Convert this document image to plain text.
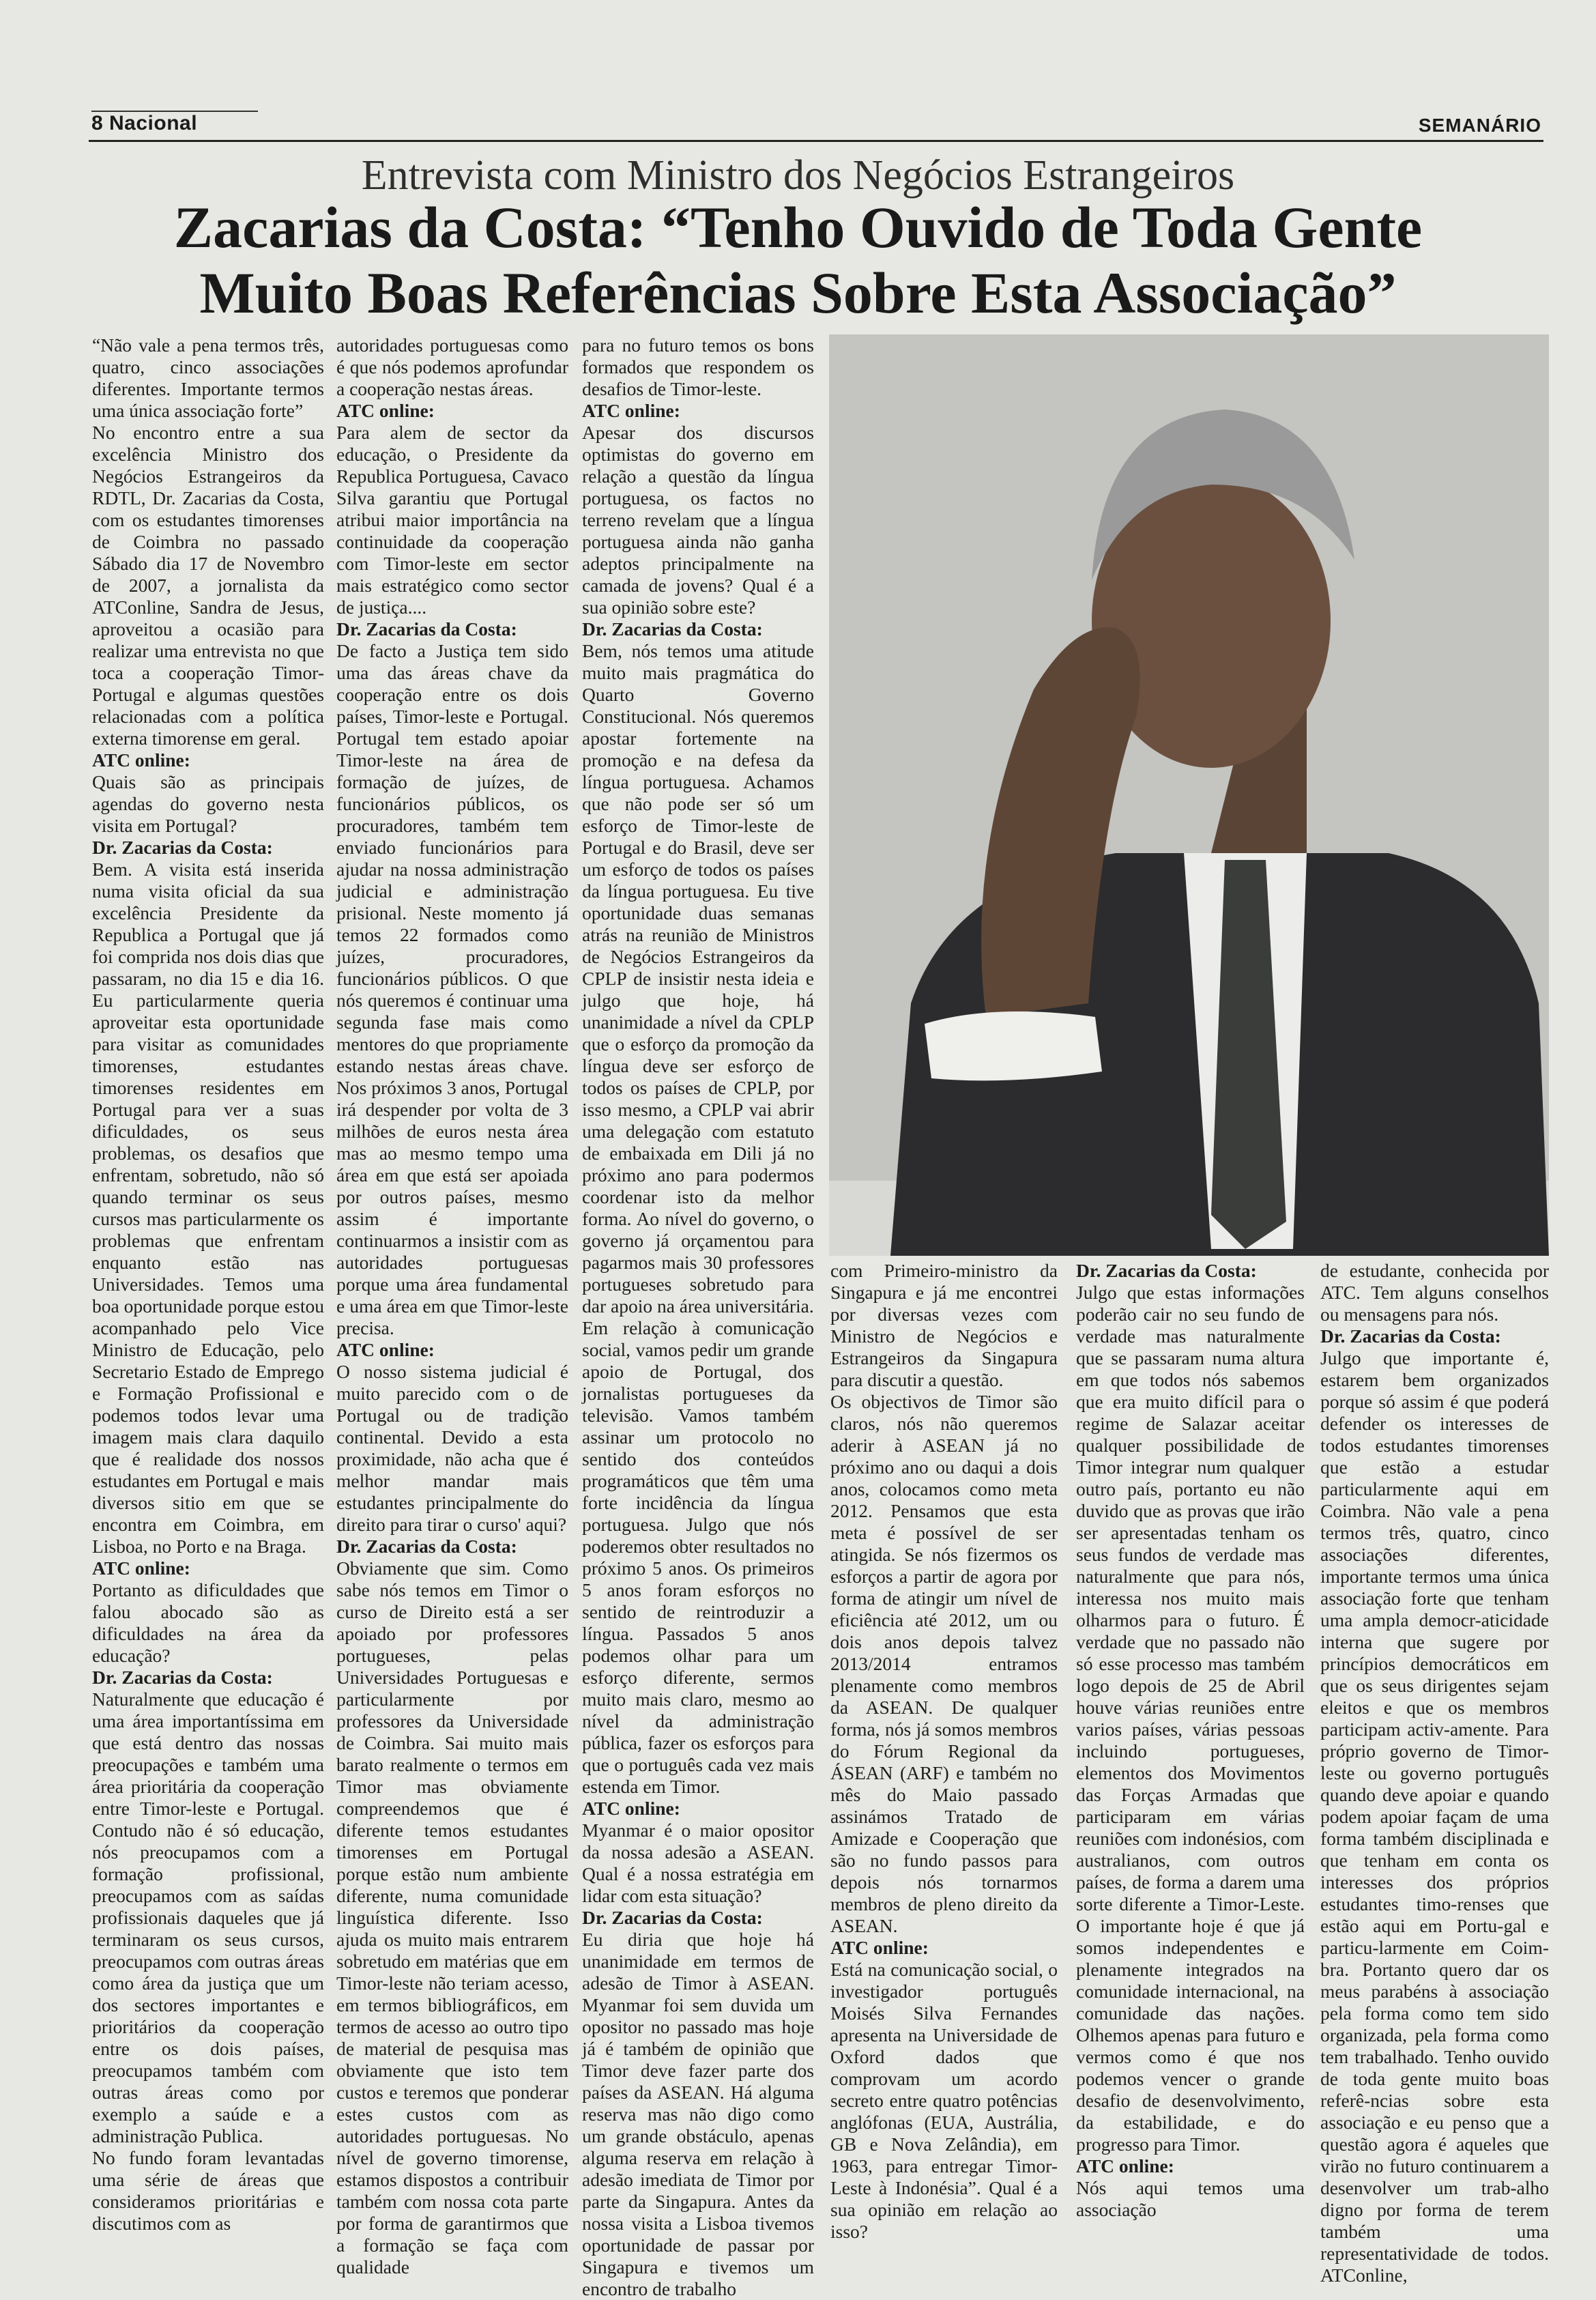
8 Nacional	SEMANÁRIO
Entrevista com Ministro dos Negócios Estrangeiros
Zacarias da Costa: “Tenho Ouvido de Toda Gente
Muito Boas Referências Sobre Esta Associação”

“Não vale a pena termos três, quatro, cinco associações diferentes. Importante termos uma única associação forte”

No encontro entre a sua excelência Ministro dos Negócios Estrangeiros da RDTL, Dr. Zacarias da Costa, com os estudantes timorenses de Coimbra no passado Sábado dia 17 de Novembro de 2007, a jornalista da ATConline, Sandra de Jesus, aproveitou a ocasião para realizar uma entrevista no que toca a cooperação Timor-Portugal e algumas questões relacionadas com a política externa timorense em geral.

ATC online:

Quais são as principais agendas do governo nesta visita em Portugal?

Dr. Zacarias da Costa:

Bem. A visita está inserida numa visita oficial da sua excelência Presidente da Republica a Portugal que já foi comprida nos dois dias que passaram, no dia 15 e dia 16. Eu particularmente queria aproveitar esta oportunidade para visitar as comunidades timorenses, estudantes timorenses residentes em Portugal para ver a suas dificuldades, os seus problemas, os desafios que enfrentam, sobretudo, não só quando terminar os seus cursos mas particularmente os problemas que enfrentam enquanto estão nas Universidades. Temos uma boa oportunidade porque estou acompanhado pelo Vice Ministro de Educação, pelo Secretario Estado de Emprego e Formação Profissional e podemos todos levar uma imagem mais clara daquilo que é realidade dos nossos estudantes em Portugal e mais diversos sitio em que se encontra em Coimbra, em Lisboa, no Porto e na Braga.

ATC online:

Portanto as dificuldades que falou abocado são as dificuldades na área da educação?

Dr. Zacarias da Costa:

Naturalmente que educação é uma área importantíssima em que está dentro das nossas preocupações e também uma área prioritária da cooperação entre Timor-leste e Portugal. Contudo não é só educação, nós preocupamos com a formação profissional, preocupamos com as saídas profissionais daqueles que já terminaram os seus cursos, preocupamos com outras áreas como área da justiça que um dos sectores importantes e prioritários da cooperação entre os dois países, preocupamos também com outras áreas como por exemplo a saúde e a administração Publica.

No fundo foram levantadas uma série de áreas que consideramos prioritárias e discutimos com as

autoridades portuguesas como é que nós podemos aprofundar a cooperação nestas áreas.

ATC online:

Para alem de sector da educação, o Presidente da Republica Portuguesa, Cavaco Silva garantiu que Portugal atribui maior importância na continuidade da cooperação com Timor-leste em sector mais estratégico como sector de justiça....

Dr. Zacarias da Costa:

De facto a Justiça tem sido uma das áreas chave da cooperação entre os dois países, Timor-leste e Portugal. Portugal tem estado apoiar Timor-leste na área de formação de juízes, de funcionários públicos, os procuradores, também tem enviado funcionários para ajudar na nossa administração judicial e administração prisional. Neste momento já temos 22 formados como juízes, procuradores, funcionários públicos. O que nós queremos é continuar uma segunda fase mais como mentores do que propriamente estando nestas áreas chave. Nos próximos 3 anos, Portugal irá despender por volta de 3 milhões de euros nesta área mas ao mesmo tempo uma área em que está ser apoiada por outros países, mesmo assim é importante continuarmos a insistir com as autoridades portuguesas porque uma área fundamental e uma área em que Timor-leste precisa.

ATC online:

O nosso sistema judicial é muito parecido com o de Portugal ou de tradição continental. Devido a esta proximidade, não acha que é melhor mandar mais estudantes principalmente do direito para tirar o curso' aqui?

Dr. Zacarias da Costa:

Obviamente que sim. Como sabe nós temos em Timor o curso de Direito está a ser apoiado por professores portugueses, pelas Universidades Portuguesas e particularmente por professores da Universidade de Coimbra. Sai muito mais barato realmente o termos em Timor mas obviamente compreendemos que é diferente temos estudantes timorenses em Portugal porque estão num ambiente diferente, numa comunidade linguística diferente. Isso ajuda os muito mais entrarem sobretudo em matérias que em Timor-leste não teriam acesso, em termos bibliográficos, em termos de acesso ao outro tipo de material de pesquisa mas obviamente que isto tem custos e teremos que ponderar estes custos com as autoridades portuguesas. No nível de governo timorense, estamos dispostos a contribuir também com nossa cota parte por forma de garantirmos que a formação se faça com qualidade

para no futuro temos os bons formados que respondem os desafios de Timor-leste.

ATC online:

Apesar dos discursos optimistas do governo em relação a questão da língua portuguesa, os factos no terreno revelam que a língua portuguesa ainda não ganha adeptos principalmente na camada de jovens? Qual é a sua opinião sobre este?

Dr. Zacarias da Costa:

Bem, nós temos uma atitude muito mais pragmática do Quarto Governo Constitucional. Nós queremos apostar fortemente na promoção e na defesa da língua portuguesa. Achamos que não pode ser só um esforço de Timor-leste de Portugal e do Brasil, deve ser um esforço de todos os países da língua portuguesa. Eu tive oportunidade duas semanas atrás na reunião de Ministros de Negócios Estrangeiros da CPLP de insistir nesta ideia e julgo que hoje, há unanimidade a nível da CPLP que o esforço da promoção da língua deve ser esforço de todos os países de CPLP, por isso mesmo, a CPLP vai abrir uma delegação com estatuto de embaixada em Dili já no próximo ano para podermos coordenar isto da melhor forma. Ao nível do governo, o governo já orçamentou para pagarmos mais 30 professores portugueses sobretudo para dar apoio na área universitária.

Em relação à comunicação social, vamos pedir um grande apoio de Portugal, dos jornalistas portugueses da televisão. Vamos também assinar um protocolo no sentido dos conteúdos programáticos que têm uma forte incidência da língua portuguesa. Julgo que nós poderemos obter resultados no próximo 5 anos. Os primeiros 5 anos foram esforços no sentido de reintroduzir a língua. Passados 5 anos podemos olhar para um esforço diferente, sermos muito mais claro, mesmo ao nível da administração pública, fazer os esforços para que o português cada vez mais estenda em Timor.

ATC online:

Myanmar é o maior opositor da nossa adesão a ASEAN. Qual é a nossa estratégia em lidar com esta situação?

Dr. Zacarias da Costa:

Eu diria que hoje há unanimidade em termos de adesão de Timor à ASEAN. Myanmar foi sem duvida um opositor no passado mas hoje já é também de opinião que Timor deve fazer parte dos países da ASEAN. Há alguma reserva mas não digo como um grande obstáculo, apenas alguma reserva em relação à adesão imediata de Timor por parte da Singapura. Antes da nossa visita a Lisboa tivemos oportunidade de passar por Singapura e tivemos um encontro de trabalho

com Primeiro-ministro da Singapura e já me encontrei por diversas vezes com Ministro de Negócios e Estrangeiros da Singapura para discutir a questão.

Os objectivos de Timor são claros, nós não queremos aderir à ASEAN já no próximo ano ou daqui a dois anos, colocamos como meta 2012. Pensamos que esta meta é possível de ser atingida. Se nós fizermos os esforços a partir de agora por forma de atingir um nível de eficiência até 2012, um ou dois anos depois talvez 2013/2014 entramos plenamente como membros da ASEAN. De qualquer forma, nós já somos membros do Fórum Regional da ÁSEAN (ARF) e também no mês do Maio passado assinámos Tratado de Amizade e Cooperação que são no fundo passos para depois nós tornarmos membros de pleno direito da ASEAN.

ATC online:

Está na comunicação social, o investigador português Moisés Silva Fernandes apresenta na Universidade de Oxford dados que comprovam um acordo secreto entre quatro potências anglófonas (EUA, Austrália, GB e Nova Zelândia), em 1963, para entregar Timor-Leste à Indonésia”. Qual é a sua opinião em relação ao isso?

Dr. Zacarias da Costa:

Julgo que estas informações poderão cair no seu fundo de verdade mas naturalmente que se passaram numa altura em que todos nós sabemos que era muito difícil para o regime de Salazar aceitar qualquer possibilidade de Timor integrar num qualquer outro país, portanto eu não duvido que as provas que irão ser apresentadas tenham os seus fundos de verdade mas naturalmente que para nós, interessa nos muito mais olharmos para o futuro. É verdade que no passado não só esse processo mas também logo depois de 25 de Abril houve várias reuniões entre varios países, várias pessoas incluindo portugueses, elementos dos Movimentos das Forças Armadas que participaram em várias reuniões com indonésios, com australianos, com outros países, de forma a darem uma sorte diferente a Timor-Leste. O importante hoje é que já somos independentes e plenamente integrados na comunidade internacional, na comunidade das nações. Olhemos apenas para futuro e vermos como é que nos podemos vencer o grande desafio de desenvolvimento, da estabilidade, e do progresso para Timor.

ATC online:

Nós aqui temos uma associação

de estudante, conhecida por ATC. Tem alguns conselhos ou mensagens para nós.

Dr. Zacarias da Costa:

Julgo que importante é, estarem bem organizados porque só assim é que poderá defender os interesses de todos estudantes timorenses que estão a estudar particularmente aqui em Coimbra. Não vale a pena termos três, quatro, cinco associações diferentes, importante termos uma única associação forte que tenham uma ampla democr-aticidade interna que sugere por princípios democráticos em que os seus dirigentes sejam eleitos e que os membros participam activ-amente. Para próprio governo de Timor-leste ou governo português quando deve apoiar e quando podem apoiar façam de uma forma também disciplinada e que tenham em conta os interesses dos próprios estudantes timo-renses que estão aqui em Portu-gal e particu-larmente em Coim-bra. Portanto quero dar os meus parabéns à associação pela forma como tem sido organizada, pela forma como tem trabalhado. Tenho ouvido de toda gente muito boas referê-ncias sobre esta associação e eu penso que a questão agora é aqueles que virão no futuro continuarem a desenvolver um trab-alho digno por forma de terem também uma representatividade de todos. ATConline,
